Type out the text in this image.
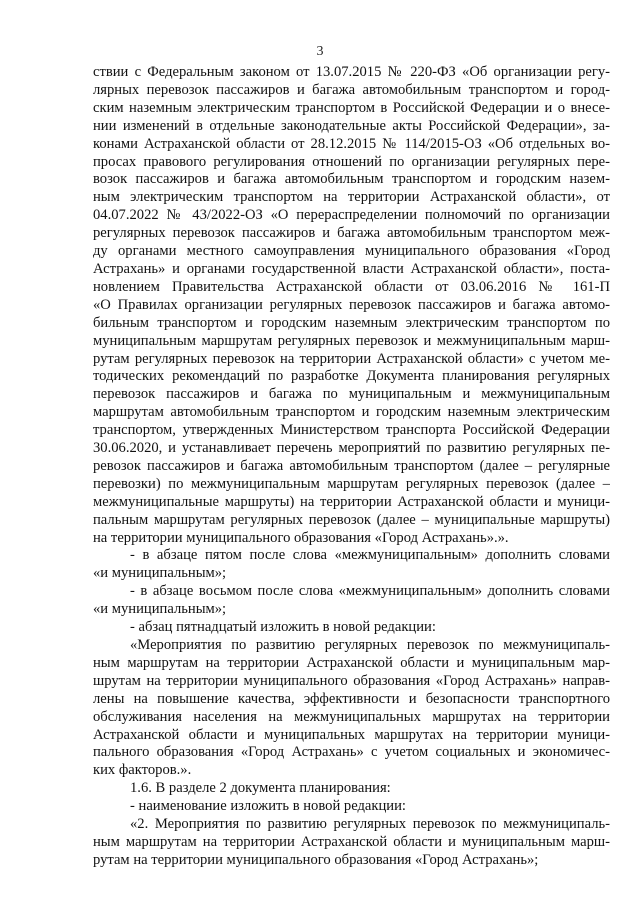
3
ствии с Федеральным законом от 13.07.2015 № 220-ФЗ «Об организации регу-
лярных перевозок пассажиров и багажа автомобильным транспортом и город-
ским наземным электрическим транспортом в Российской Федерации и о внесе-
нии изменений в отдельные законодательные акты Российской Федерации», за-
конами Астраханской области от 28.12.2015 № 114/2015-ОЗ «Об отдельных во-
просах правового регулирования отношений по организации регулярных пере-
возок пассажиров и багажа автомобильным транспортом и городским назем-
ным электрическим транспортом на территории Астраханской области», от
04.07.2022 № 43/2022-ОЗ «О перераспределении полномочий по организации
регулярных перевозок пассажиров и багажа автомобильным транспортом меж-
ду органами местного самоуправления муниципального образования «Город
Астрахань» и органами государственной власти Астраханской области», поста-
новлением Правительства Астраханской области от 03.06.2016 № 161-П
«О Правилах организации регулярных перевозок пассажиров и багажа автомо-
бильным транспортом и городским наземным электрическим транспортом по
муниципальным маршрутам регулярных перевозок и межмуниципальным марш-
рутам регулярных перевозок на территории Астраханской области» с учетом ме-
тодических рекомендаций по разработке Документа планирования регулярных
перевозок пассажиров и багажа по муниципальным и межмуниципальным
маршрутам автомобильным транспортом и городским наземным электрическим
транспортом, утвержденных Министерством транспорта Российской Федерации
30.06.2020, и устанавливает перечень мероприятий по развитию регулярных пе-
ревозок пассажиров и багажа автомобильным транспортом (далее – регулярные
перевозки) по межмуниципальным маршрутам регулярных перевозок (далее –
межмуниципальные маршруты) на территории Астраханской области и муници-
пальным маршрутам регулярных перевозок (далее – муниципальные маршруты)
на территории муниципального образования «Город Астрахань».».
- в абзаце пятом после слова «межмуниципальным» дополнить словами
«и муниципальным»;
- в абзаце восьмом после слова «межмуниципальным» дополнить словами
«и муниципальным»;
- абзац пятнадцатый изложить в новой редакции:
«Мероприятия по развитию регулярных перевозок по межмуниципаль-
ным маршрутам на территории Астраханской области и муниципальным мар-
шрутам на территории муниципального образования «Город Астрахань» направ-
лены на повышение качества, эффективности и безопасности транспортного
обслуживания населения на межмуниципальных маршрутах на территории
Астраханской области и муниципальных маршрутах на территории муници-
пального образования «Город Астрахань» с учетом социальных и экономичес-
ких факторов.».
1.6. В разделе 2 документа планирования:
- наименование изложить в новой редакции:
«2. Мероприятия по развитию регулярных перевозок по межмуниципаль-
ным маршрутам на территории Астраханской области и муниципальным марш-
рутам на территории муниципального образования «Город Астрахань»;
